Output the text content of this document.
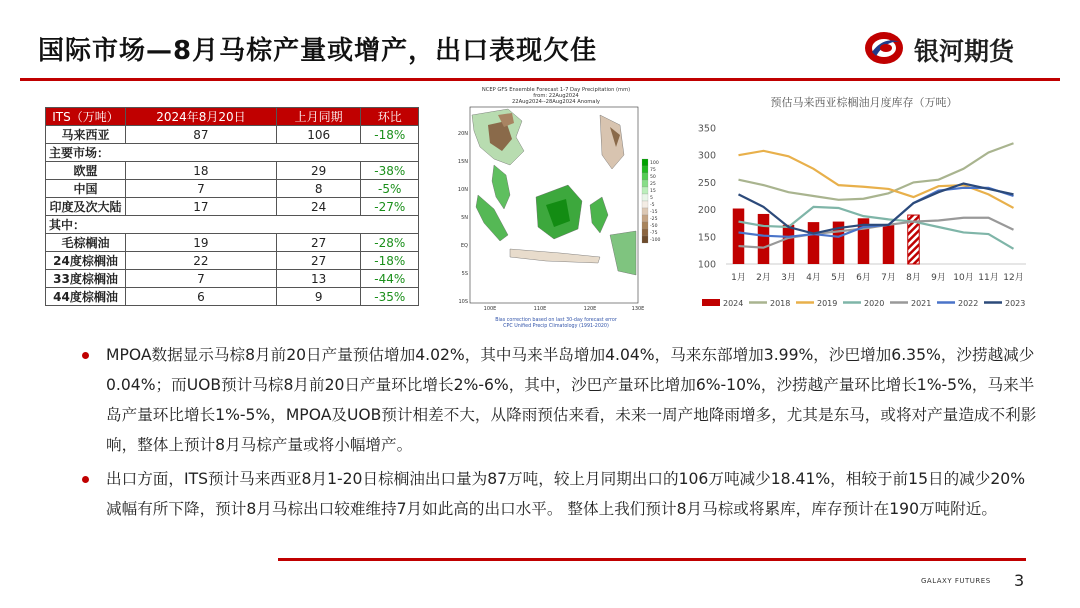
国际市场—8月马棕产量或增产，出口表现欠佳	银河期货
ITS（万吨）	2024年8月20日	上月同期	环比
马来西亚	87	106	-18%
主要市场：			
欧盟	18	29	-38%
中国	7	8	-5%
印度及次大陆	17	24	-27%
其中：			
毛棕榈油	19	27	-28%
24度棕榈油	22	27	-18%
33度棕榈油	7	13	-44%
44度棕榈油	6	9	-35%
NCEP GFS Ensemble Forecast 1-7 Day Precipitation (mm)
from: 22Aug2024
22Aug2024--28Aug2024 Anomaly
20N
15N
10N
5N
EQ
5S
10S
100E	110E	120E	130E
100
75
50
25
15
5
-5
-15
-25
-50
-75
-100
Bias correction based on last 30-day forecast error
CPC Unified Precip Climatology (1991-2020)
预估马来西亚棕榈油月度库存（万吨）
100
150
200
250
300
350
1月 2月 3月 4月 5月 6月 7月 8月 9月 10月 11月 12月
2024	2018	2019	2020	2021	2022	2023
MPOA数据显示马棕8月前20日产量预估增加4.02%，其中马来半岛增加4.04%，马来东部增加3.99%，沙巴增加6.35%，沙捞越减少0.04%；而UOB预计马棕8月前20日产量环比增长2%-6%，其中，沙巴产量环比增加6%-10%，沙捞越产量环比增长1%-5%，马来半岛产量环比增长1%-5%，MPOA及UOB预计相差不大，从降雨预估来看，未来一周产地降雨增多，尤其是东马，或将对产量造成不利影响，整体上预计8月马棕产量或将小幅增产。
出口方面，ITS预计马来西亚8月1-20日棕榈油出口量为87万吨，较上月同期出口的106万吨减少18.41%，相较于前15日的减少20%减幅有所下降，预计8月马棕出口较难维持7月如此高的出口水平。 整体上我们预计8月马棕或将累库，库存预计在190万吨附近。
GALAXY FUTURES 3
